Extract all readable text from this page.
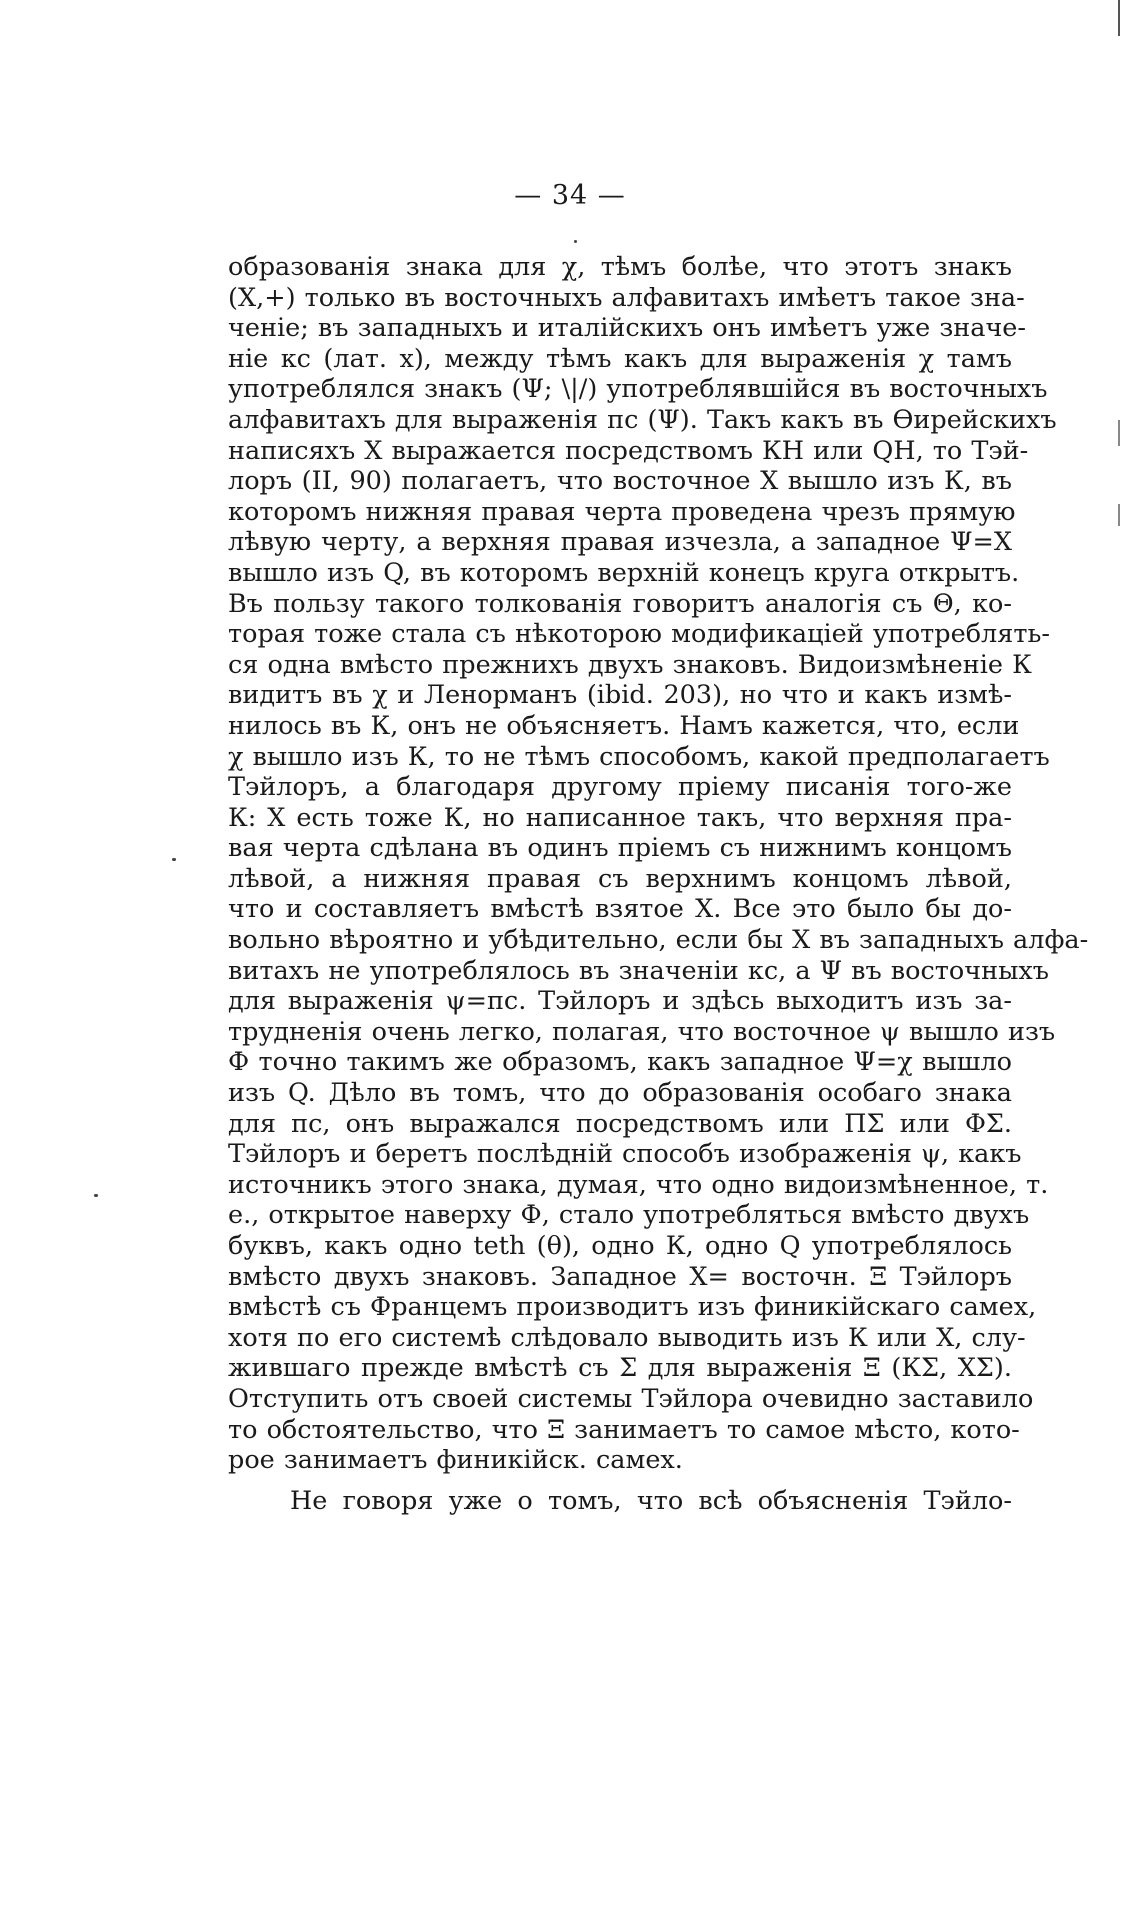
— 34 —
образованія знака для χ, тѣмъ болѣе, что этотъ знакъ
(X,+) только въ восточныхъ алфавитахъ имѣетъ такое зна-
ченіе; въ западныхъ и италійскихъ онъ имѣетъ уже значе-
ніе кс (лат. x), между тѣмъ какъ для выраженія χ тамъ
употреблялся знакъ (Ψ; \|/) употреблявшійся въ восточныхъ
алфавитахъ для выраженія пс (Ψ). Такъ какъ въ Өирейскихъ
написяхъ X выражается посредствомъ КН или QН, то Тэй-
лоръ (II, 90) полагаетъ, что восточное X вышло изъ К, въ
которомъ нижняя правая черта проведена чрезъ прямую
лѣвую черту, а верхняя правая изчезла, а западное Ψ=X
вышло изъ Q, въ которомъ верхній конецъ круга открытъ.
Въ пользу такого толкованія говоритъ аналогія съ Θ, ко-
торая тоже стала съ нѣкоторою модификаціей употреблять-
ся одна вмѣсто прежнихъ двухъ знаковъ. Видоизмѣненіе К
видитъ въ χ и Ленорманъ (ibid. 203), но что и какъ измѣ-
нилось въ К, онъ не объясняетъ. Намъ кажется, что, если
χ вышло изъ К, то не тѣмъ способомъ, какой предполагаетъ
Тэйлоръ, а благодаря другому пріему писанія того-же
К: X есть тоже К, но написанное такъ, что верхняя пра-
вая черта сдѣлана въ одинъ пріемъ съ нижнимъ концомъ
лѣвой, а нижняя правая съ верхнимъ концомъ лѣвой,
что и составляетъ вмѣстѣ взятое X. Все это было бы до-
вольно вѣроятно и убѣдительно, если бы X въ западныхъ алфа-
витахъ не употреблялось въ значеніи кс, а Ψ въ восточныхъ
для выраженія ψ=пс. Тэйлоръ и здѣсь выходитъ изъ за-
трудненія очень легко, полагая, что восточное ψ вышло изъ
Ф точно такимъ же образомъ, какъ западное Ψ=χ вышло
изъ Q. Дѣло въ томъ, что до образованія особаго знака
для пс, онъ выражался посредствомъ или ΠΣ или ΦΣ.
Тэйлоръ и беретъ послѣдній способъ изображенія ψ, какъ
источникъ этого знака, думая, что одно видоизмѣненное, т.
е., открытое наверху Ф, стало употребляться вмѣсто двухъ
буквъ, какъ одно teth (θ), одно К, одно Q употреблялось
вмѣсто двухъ знаковъ. Западное X= восточн. Ξ Тэйлоръ
вмѣстѣ съ Францемъ производитъ изъ финикійскаго самех,
хотя по его системѣ слѣдовало выводить изъ К или X, слу-
жившаго прежде вмѣстѣ съ Σ для выраженія Ξ (КΣ, XΣ).
Отступить отъ своей системы Тэйлора очевидно заставило
то обстоятельство, что Ξ занимаетъ то самое мѣсто, кото-
рое занимаетъ финикійск. самех.
Не говоря уже о томъ, что всѣ объясненія Тэйло-
